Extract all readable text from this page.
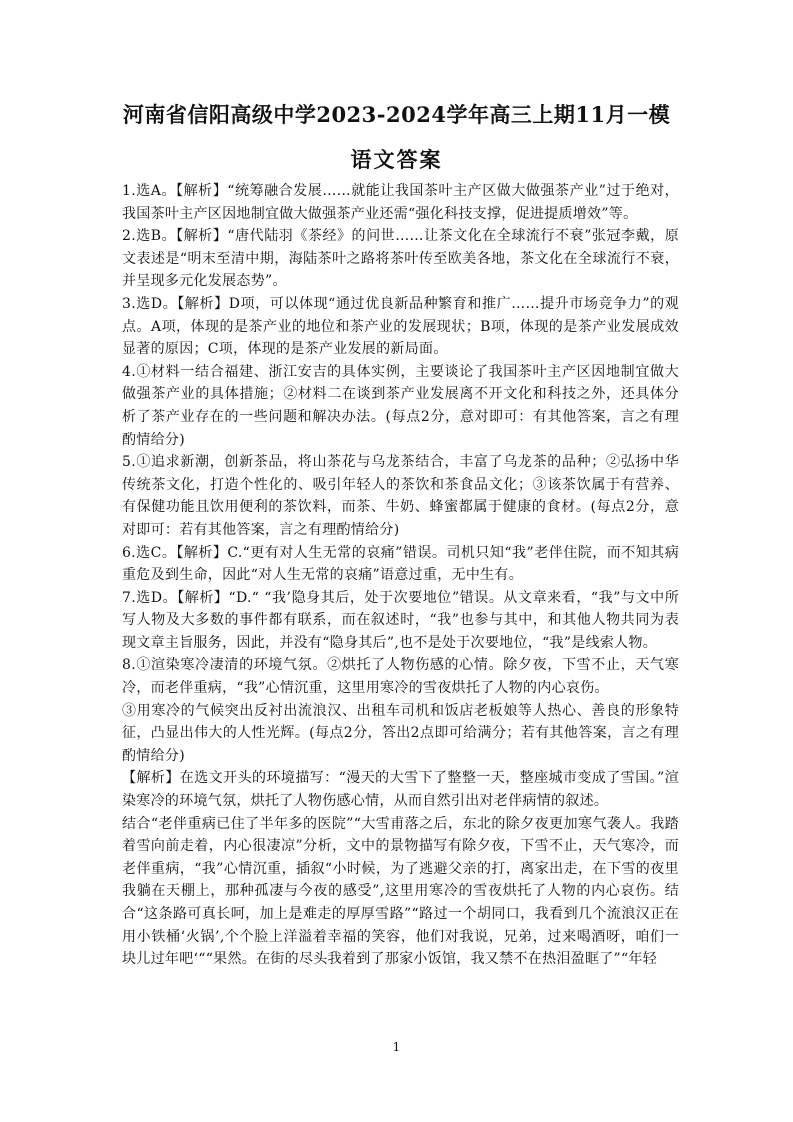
河南省信阳高级中学2023-2024学年高三上期11月一模
语文答案

1.选A。【解析】“统筹融合发展……就能让我国茶叶主产区做大做强茶产业”过于绝对，我国茶叶主产区因地制宜做大做强茶产业还需“强化科技支撑，促进提质增效”等。

2.选B。【解析】“唐代陆羽《茶经》的问世……让茶文化在全球流行不衰”张冠李戴，原文表述是“明末至清中期，海陆茶叶之路将茶叶传至欧美各地，茶文化在全球流行不衰，并呈现多元化发展态势”。

3.选D。【解析】D项，可以体现“通过优良新品种繁育和推广……提升市场竞争力”的观点。A项，体现的是茶产业的地位和茶产业的发展现状；B项，体现的是茶产业发展成效显著的原因；C项，体现的是茶产业发展的新局面。

4.①材料一结合福建、浙江安吉的具体实例，主要谈论了我国茶叶主产区因地制宜做大做强茶产业的具体措施；②材料二在谈到茶产业发展离不开文化和科技之外，还具体分析了茶产业存在的一些问题和解决办法。(每点2分，意对即可：有其他答案，言之有理酌情给分)

5.①追求新潮，创新茶品，将山茶花与乌龙茶结合，丰富了乌龙茶的品种；②弘扬中华传统茶文化，打造个性化的、吸引年轻人的茶饮和茶食品文化；③该茶饮属于有营养、有保健功能且饮用便利的茶饮料，而茶、牛奶、蜂蜜都属于健康的食材。(每点2分，意对即可：若有其他答案，言之有理酌情给分)

6.选C。【解析】C.“更有对人生无常的哀痛”错误。司机只知“我”老伴住院，而不知其病重危及到生命，因此“对人生无常的哀痛”语意过重，无中生有。

7.选D。【解析】“D.“ “我’隐身其后，处于次要地位”错误。从文章来看，“我”与文中所写人物及大多数的事件都有联系，而在叙述时，“我”也参与其中，和其他人物共同为表现文章主旨服务，因此，并没有“隐身其后”,也不是处于次要地位，“我”是线索人物。

8.①渲染寒冷凄清的环境气氛。②烘托了人物伤感的心情。除夕夜，下雪不止，天气寒冷，而老伴重病，“我”心情沉重，这里用寒冷的雪夜烘托了人物的内心哀伤。

③用寒冷的气候突出反衬出流浪汉、出租车司机和饭店老板娘等人热心、善良的形象特征，凸显出伟大的人性光辉。(每点2分，答出2点即可给满分；若有其他答案，言之有理酌情给分)

【解析】在选文开头的环境描写：“漫天的大雪下了整整一天，整座城市变成了雪国。”渲染寒冷的环境气氛，烘托了人物伤感心情，从而自然引出对老伴病情的叙述。

结合“老伴重病已住了半年多的医院”“大雪甫落之后，东北的除夕夜更加寒气袭人。我踏着雪向前走着，内心很凄凉”分析，文中的景物描写有除夕夜，下雪不止，天气寒冷，而老伴重病，“我”心情沉重，插叙“小时候，为了逃避父亲的打，离家出走，在下雪的夜里我躺在天棚上，那种孤凄与今夜的感受”,这里用寒冷的雪夜烘托了人物的内心哀伤。结合“这条路可真长呵，加上是难走的厚厚雪路”“路过一个胡同口，我看到几个流浪汉正在用小铁桶‘火锅’,个个脸上洋溢着幸福的笑容，他们对我说，兄弟，过来喝酒呀，咱们一块儿过年吧‘““果然。在街的尽头我着到了那家小饭馆，我又禁不在热泪盈眶了”“年轻

1
